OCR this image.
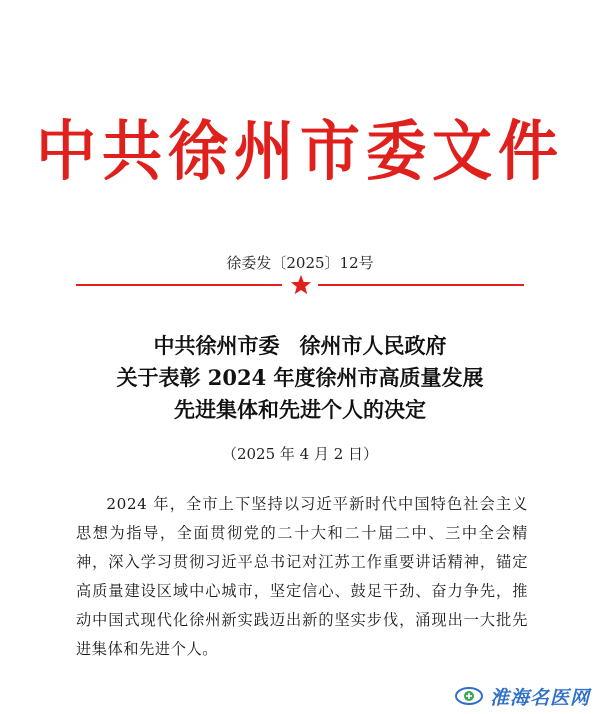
中共徐州市委文件
徐委发〔2025〕12号
中共徐州市委 徐州市人民政府
关于表彰 2024 年度徐州市高质量发展
先进集体和先进个人的决定
（2025 年 4 月 2 日）
2024 年，全市上下坚持以习近平新时代中国特色社会主义思想为指导，全面贯彻党的二十大和二十届二中、三中全会精神，深入学习贯彻习近平总书记对江苏工作重要讲话精神，锚定高质量建设区域中心城市，坚定信心、鼓足干劲、奋力争先，推动中国式现代化徐州新实践迈出新的坚实步伐，涌现出一大批先进集体和先进个人。
淮海名医网
